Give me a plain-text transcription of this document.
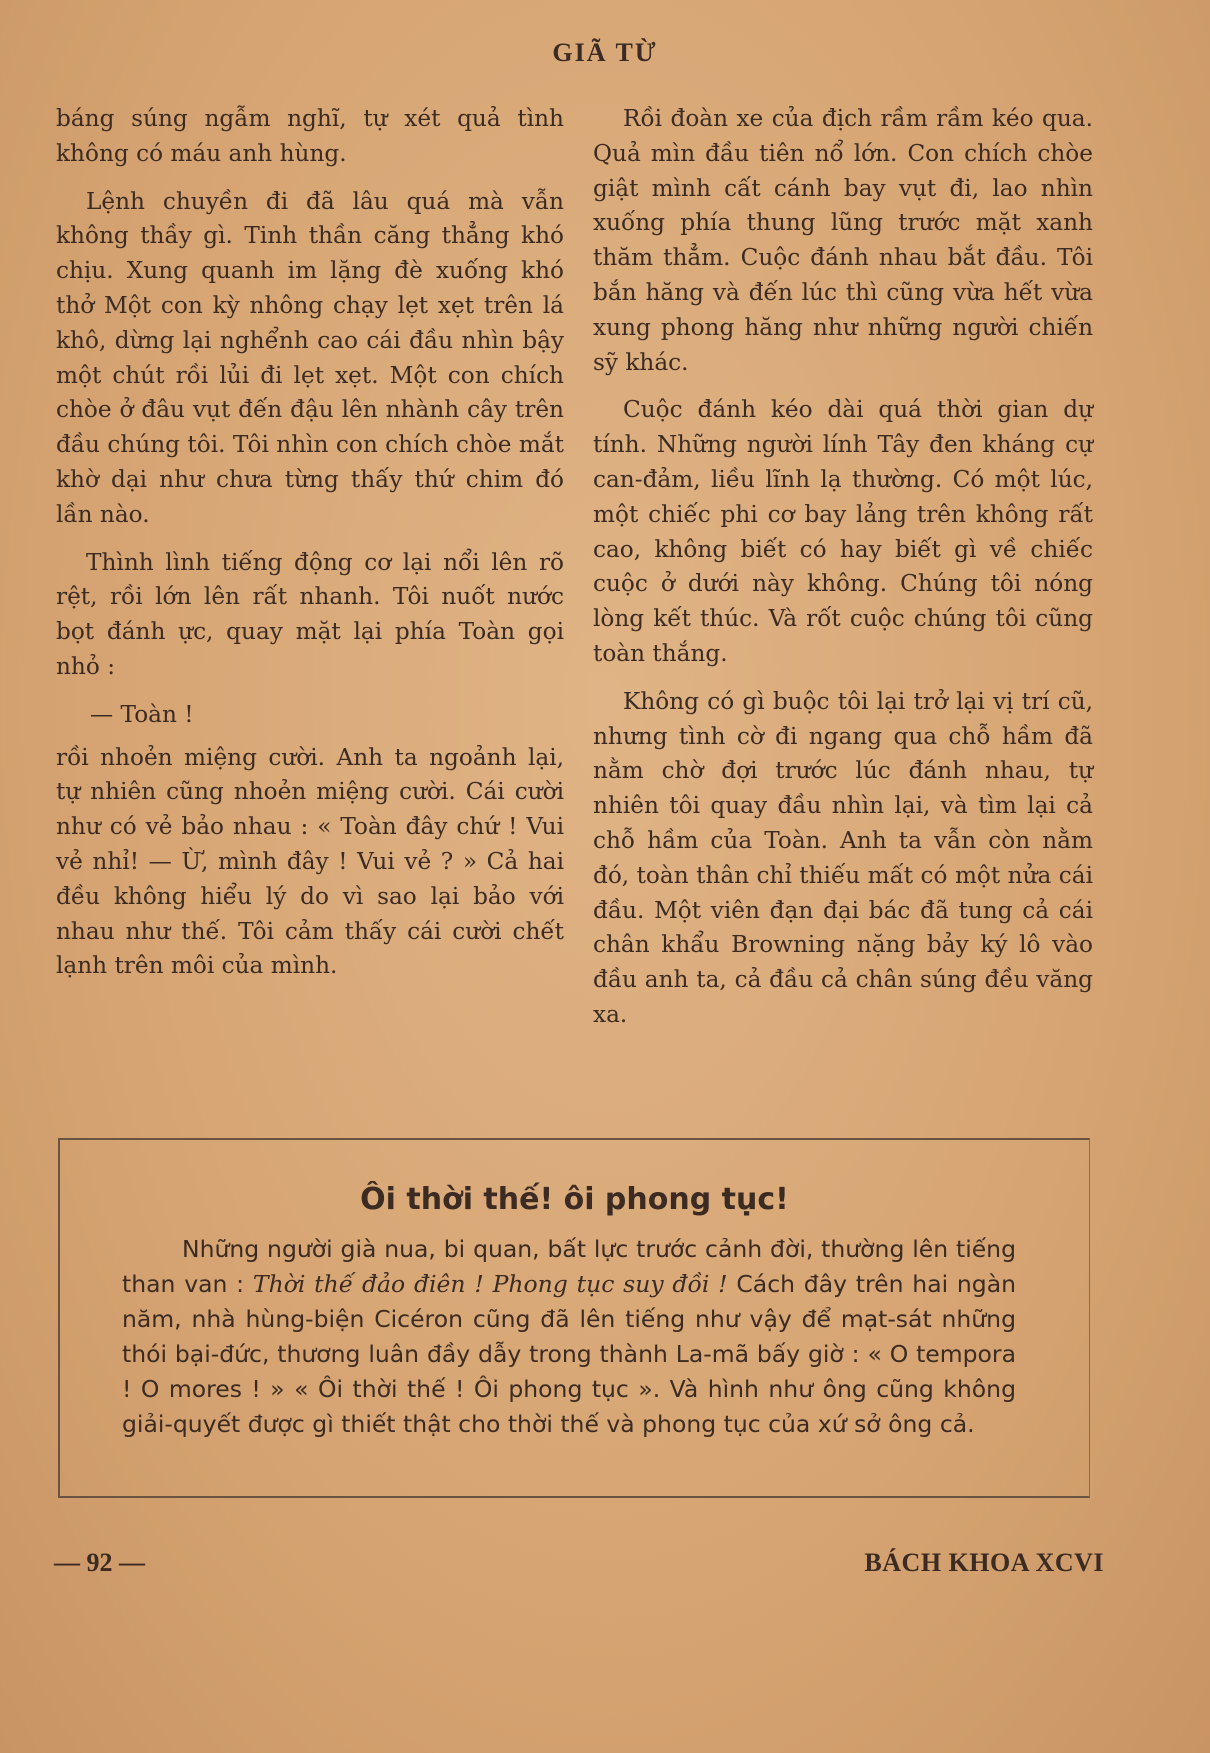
GIÃ TỪ

báng súng ngẫm nghĩ, tự xét quả tình không có máu anh hùng.

Lệnh chuyền đi đã lâu quá mà vẫn không thầy gì. Tinh thần căng thẳng khó chịu. Xung quanh im lặng đè xuống khó thở Một con kỳ nhông chạy lẹt xẹt trên lá khô, dừng lại nghểnh cao cái đầu nhìn bậy một chút rồi lủi đi lẹt xẹt. Một con chích chòe ở đâu vụt đến đậu lên nhành cây trên đầu chúng tôi. Tôi nhìn con chích chòe mắt khờ dại như chưa từng thấy thứ chim đó lần nào.

Thình lình tiếng động cơ lại nổi lên rõ rệt, rồi lớn lên rất nhanh. Tôi nuốt nước bọt đánh ực, quay mặt lại phía Toàn gọi nhỏ :

— Toàn !

rồi nhoẻn miệng cười. Anh ta ngoảnh lại, tự nhiên cũng nhoẻn miệng cười. Cái cười như có vẻ bảo nhau : « Toàn đây chứ ! Vui vẻ nhỉ! — Ừ, mình đây ! Vui vẻ ? » Cả hai đều không hiểu lý do vì sao lại bảo với nhau như thế. Tôi cảm thấy cái cười chết lạnh trên môi của mình.

Rồi đoàn xe của địch rầm rầm kéo qua. Quả mìn đầu tiên nổ lớn. Con chích chòe giật mình cất cánh bay vụt đi, lao nhìn xuống phía thung lũng trước mặt xanh thăm thẳm. Cuộc đánh nhau bắt đầu. Tôi bắn hăng và đến lúc thì cũng vừa hết vừa xung phong hăng như những người chiến sỹ khác.

Cuộc đánh kéo dài quá thời gian dự tính. Những người lính Tây đen kháng cự can-đảm, liều lĩnh lạ thường. Có một lúc, một chiếc phi cơ bay lảng trên không rất cao, không biết có hay biết gì về chiếc cuộc ở dưới này không. Chúng tôi nóng lòng kết thúc. Và rốt cuộc chúng tôi cũng toàn thắng.

Không có gì buộc tôi lại trở lại vị trí cũ, nhưng tình cờ đi ngang qua chỗ hầm đã nằm chờ đợi trước lúc đánh nhau, tự nhiên tôi quay đầu nhìn lại, và tìm lại cả chỗ hầm của Toàn. Anh ta vẫn còn nằm đó, toàn thân chỉ thiếu mất có một nửa cái đầu. Một viên đạn đại bác đã tung cả cái chân khẩu Browning nặng bảy ký lô vào đầu anh ta, cả đầu cả chân súng đều văng xa.

Ôi thời thế! ôi phong tục!
Những người già nua, bi quan, bất lực trước cảnh đời, thường lên tiếng than van : Thời thế đảo điên ! Phong tục suy đồi ! Cách đây trên hai ngàn năm, nhà hùng-biện Cicéron cũng đã lên tiếng như vậy để mạt-sát những thói bại-đức, thương luân đầy dẫy trong thành La-mã bấy giờ : « O tempora ! O mores ! » « Ôi thời thế ! Ôi phong tục ». Và hình như ông cũng không giải-quyết được gì thiết thật cho thời thế và phong tục của xứ sở ông cả.
— 92 —	BÁCH KHOA XCVI
